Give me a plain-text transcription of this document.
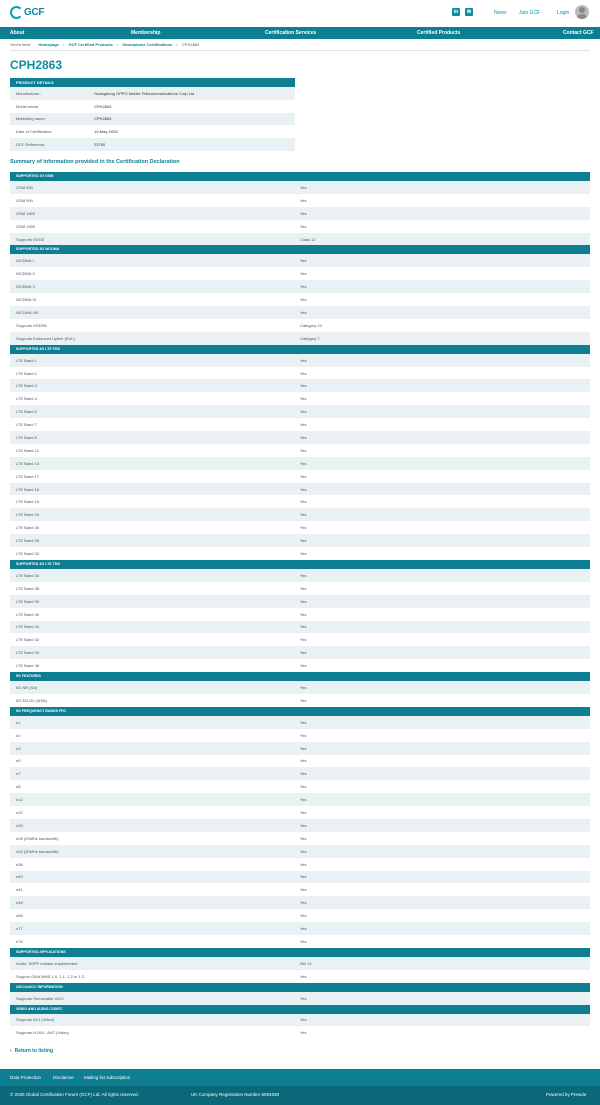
GCF	in	✉	News Join GCF	Login
About	Membership	Certification Services	Certified Products	Contact GCF
You're here: Homepage › GCF Certified Products › Smartphone Certifications › CPH2863
CPH2863
PRODUCT DETAILS
Manufacturer:	Guangdong OPPO Mobile Telecommunications Corp Ltd
Model name:	CPH2863
Marketing name:	CPH2863
Date of Certification:	19-May-2026
GCF Reference:	23790
Summary of information provided in the Certification Declaration
SUPPORTED 2G GSM
GSM 850	Yes
GSM 900	Yes
GSM 1800	Yes
GSM 1900	Yes
Supports EDGE	Class 12
SUPPORTED 3G WCDMA
WCDMA I	Yes
WCDMA II	Yes
WCDMA V	Yes
WCDMA VI	Yes
WCDMA VIII	Yes
Supports HSDPA	Category 24
Supports Enhanced Uplink (EUL)	Category 7
SUPPORTED 4G LTE FDD
LTE Band 1	Yes
LTE Band 2	Yes
LTE Band 3	Yes
LTE Band 4	Yes
LTE Band 5	Yes
LTE Band 7	Yes
LTE Band 8	Yes
LTE Band 12	Yes
LTE Band 13	Yes
LTE Band 17	Yes
LTE Band 18	Yes
LTE Band 19	Yes
LTE Band 20	Yes
LTE Band 26	Yes
LTE Band 28	Yes
LTE Band 32	Yes
SUPPORTED 4G LTE TDD
LTE Band 34	Yes
LTE Band 38	Yes
LTE Band 39	Yes
LTE Band 40	Yes
LTE Band 41	Yes
LTE Band 42	Yes
LTE Band 43	Yes
LTE Band 48	Yes
5G FEATURES
5G NR (SA)	Yes
5G EN-DC (NSA)	Yes
5G FREQUENCY BANDS FR1
n1	Yes
n2	Yes
n3	Yes
n5	Yes
n7	Yes
n8	Yes
n12	Yes
n20	Yes
n26	Yes
n28 (20MHz bandwidth)	Yes
n28 (30MHz bandwidth)	Yes
n38	Yes
n40	Yes
n41	Yes
n48	Yes
n66	Yes
n77	Yes
n78	Yes
SUPPORTED APPLICATIONS
Audio: 3GPP release implemented	Rel 12
Support OMA MMS 1.0, 1.1, 1.2 or 1.3	Yes
UICC/eUICC INFORMATION
Supports Removable UICC	Yes
VIDEO AND AUDIO CODEC
Supports AV1 (Video)	Yes
Supports H.264 - AVC (Video)	Yes
‹ Return to listing
Data Protection	Disclaimer Mailing list subscription
© 2026 Global Certification Forum (GCF) Ltd. All rights reserved.	UK Company Registration Number 6094830	Powered by Preside
